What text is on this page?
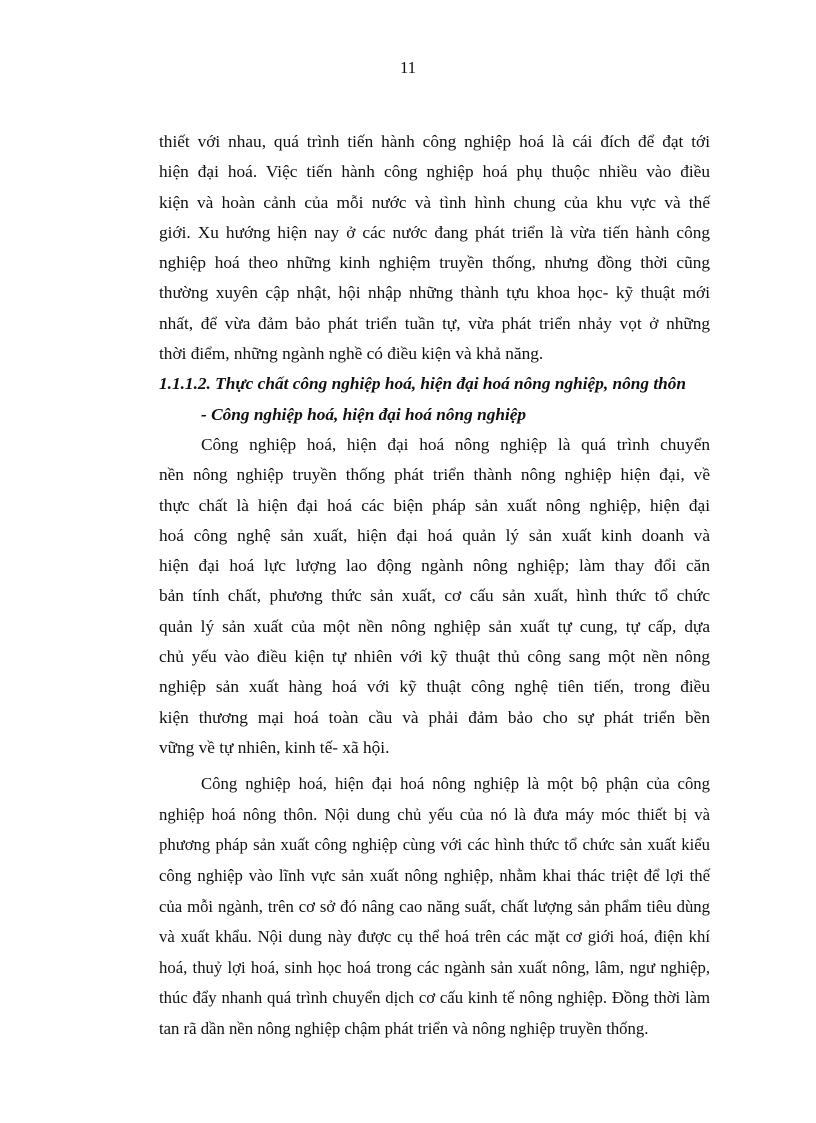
11
thiết với nhau, quá trình tiến hành công nghiệp hoá là cái đích để đạt tới
hiện đại hoá. Việc tiến hành công nghiệp hoá phụ thuộc nhiều vào điều
kiện và hoàn cảnh của mỗi nước và tình hình chung của khu vực và thế
giới. Xu hướng hiện nay ở các nước đang phát triển là vừa tiến hành công
nghiệp hoá theo những kinh nghiệm truyền thống, nhưng đồng thời cũng
thường xuyên cập nhật, hội nhập những thành tựu khoa học- kỹ thuật mới
nhất, để vừa đảm bảo phát triển tuần tự, vừa phát triển nhảy vọt ở những
thời điểm, những ngành nghề có điều kiện và khả năng.
1.1.1.2. Thực chất công nghiệp hoá, hiện đại hoá nông nghiệp, nông thôn
- Công nghiệp hoá, hiện đại hoá nông nghiệp
Công nghiệp hoá, hiện đại hoá nông nghiệp là quá trình chuyển
nền nông nghiệp truyền thống phát triển thành nông nghiệp hiện đại, về
thực chất là hiện đại hoá các biện pháp sản xuất nông nghiệp, hiện đại
hoá công nghệ sản xuất, hiện đại hoá quản lý sản xuất kinh doanh và
hiện đại hoá lực lượng lao động ngành nông nghiệp; làm thay đổi căn
bản tính chất, phương thức sản xuất, cơ cấu sản xuất, hình thức tổ chức
quản lý sản xuất của một nền nông nghiệp sản xuất tự cung, tự cấp, dựa
chủ yếu vào điều kiện tự nhiên với kỹ thuật thủ công sang một nền nông
nghiệp sản xuất hàng hoá với kỹ thuật công nghệ tiên tiến, trong điều
kiện thương mại hoá toàn cầu và phải đảm bảo cho sự phát triển bền
vững về tự nhiên, kinh tế- xã hội.
Công nghiệp hoá, hiện đại hoá nông nghiệp là một bộ phận của công
nghiệp hoá nông thôn. Nội dung chủ yếu của nó là đưa máy móc thiết bị và
phương pháp sản xuất công nghiệp cùng với các hình thức tổ chức sản xuất kiểu
công nghiệp vào lĩnh vực sản xuất nông nghiệp, nhằm khai thác triệt để lợi thế
của mỗi ngành, trên cơ sở đó nâng cao năng suất, chất lượng sản phẩm tiêu dùng
và xuất khẩu. Nội dung này được cụ thể hoá trên các mặt cơ giới hoá, điện khí
hoá, thuỷ lợi hoá, sinh học hoá trong các ngành sản xuất nông, lâm, ngư nghiệp,
thúc đẩy nhanh quá trình chuyển dịch cơ cấu kinh tế nông nghiệp. Đồng thời làm
tan rã dần nền nông nghiệp chậm phát triển và nông nghiệp truyền thống.
